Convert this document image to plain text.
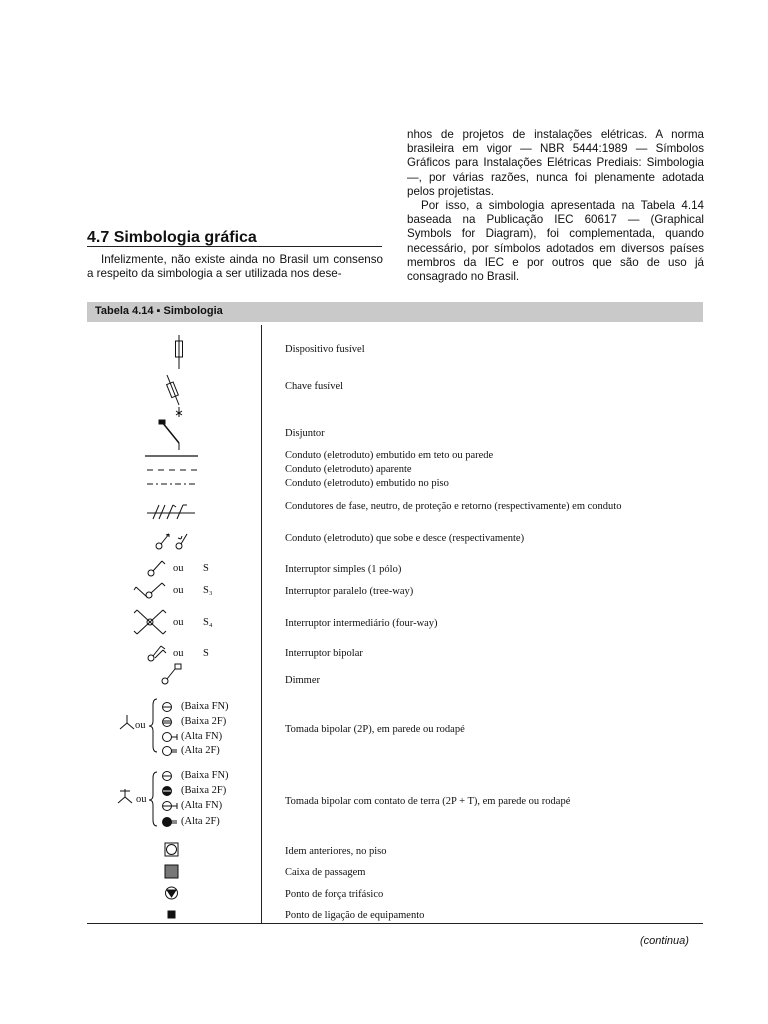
nhos de projetos de instalações elétricas. A norma brasileira em vigor — NBR 5444:1989 — Símbolos Gráficos para Instalações Elétricas Prediais: Simbologia —, por várias razões, nunca foi plenamente adotada pelos projetistas.

Por isso, a simbologia apresentada na Tabela 4.14 baseada na Publicação IEC 60617 — (Graphical Symbols for Diagram), foi complementada, quando necessário, por símbolos adotados em diversos países membros da IEC e por outros que são de uso já consagrado no Brasil.

4.7 Simbologia gráfica

Infelizmente, não existe ainda no Brasil um consenso a respeito da simbologia a ser utilizada nos dese-

Tabela 4.14 ▪ Simbologia
Dispositivo fusível
Chave fusível
Disjuntor
Conduto (eletroduto) embutido em teto ou parede
Conduto (eletroduto) aparente
Conduto (eletroduto) embutido no piso
Condutores de fase, neutro, de proteção e retorno (respectivamente) em conduto
Conduto (eletroduto) que sobe e desce (respectivamente)
Interruptor simples (1 pólo)
Interruptor paralelo (tree-way)
Interruptor intermediário (four-way)
Interruptor bipolar
Dimmer
Tomada bipolar (2P), em parede ou rodapé
Tomada bipolar com contato de terra (2P + T), em parede ou rodapé
Idem anteriores, no piso
Caixa de passagem
Ponto de força trifásico
Ponto de ligação de equipamento
ou S
ou S₃
ou S₄
ou S
ou
(Baixa FN)
(Baixa 2F)
(Alta FN)
(Alta 2F)
ou
(Baixa FN)
(Baixa 2F)
(Alta FN)
(Alta 2F)
(continua)
